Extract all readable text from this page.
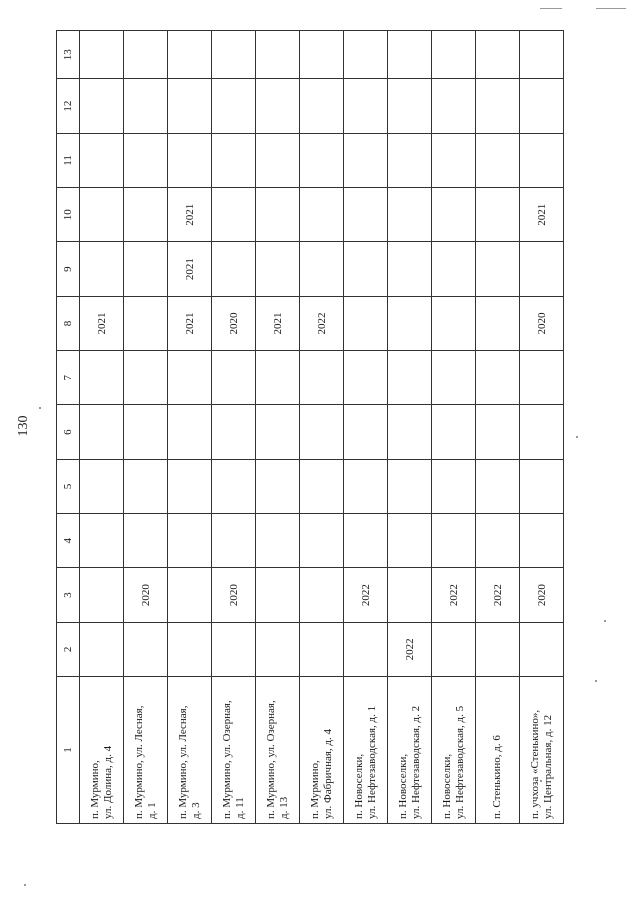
130
1	2	3	4	5	6	7	8	9	10	11	12	13

п. Мурмино, ул. Долина, д. 4							2021					

п. Мурмино, ул. Лесная, д. 1		2020										

п. Мурмино, ул. Лесная, д. 3							2021	2021	2021			

п. Мурмино, ул. Озерная, д. 11		2020					2020					

п. Мурмино, ул. Озерная, д. 13							2021					

п. Мурмино, ул. Фабричная, д. 4							2022					

п. Новоселки, ул. Нефтезаводская, д. 1		2022										

п. Новоселки, ул. Нефтезаводская, д. 2	2022											

п. Новоселки, ул. Нефтезаводская, д. 5		2022										

п. Стенькино, д. 6		2022										

п. учхоза «Стенькино», ул. Центральная, д. 12		2020					2020		2021			
